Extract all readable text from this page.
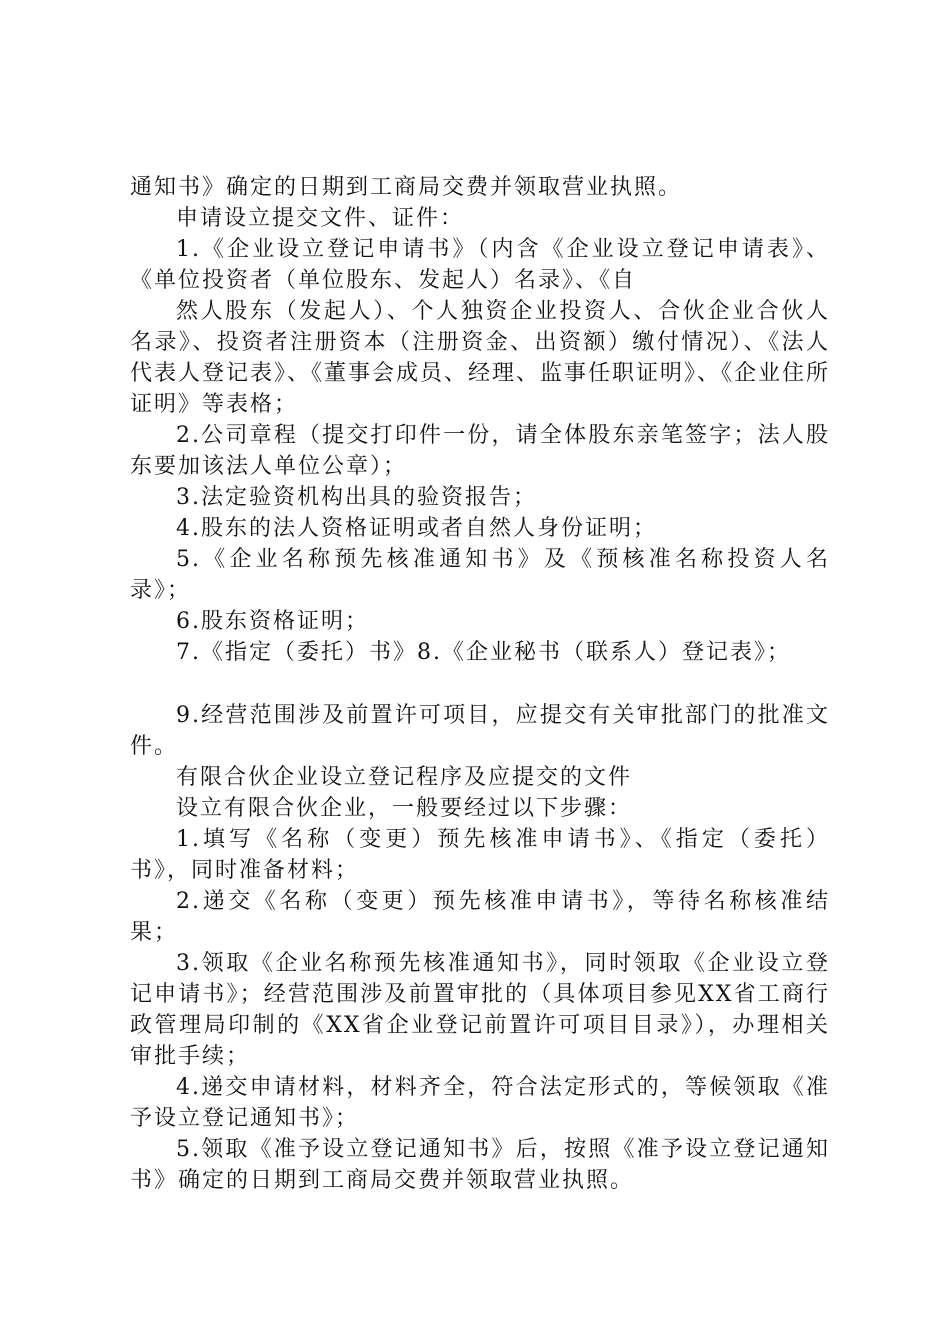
通知书》确定的日期到工商局交费并领取营业执照。

申请设立提交文件、证件：

1.《企业设立登记申请书》（内含《企业设立登记申请表》、《单位投资者（单位股东、发起人）名录》、《自

然人股东（发起人）、个人独资企业投资人、合伙企业合伙人名录》、投资者注册资本（注册资金、出资额）缴付情况）、《法人代表人登记表》、《董事会成员、经理、监事任职证明》、《企业住所证明》等表格；

2.公司章程（提交打印件一份，请全体股东亲笔签字；法人股东要加该法人单位公章）；

3.法定验资机构出具的验资报告；

4.股东的法人资格证明或者自然人身份证明；

5.《企业名称预先核准通知书》及《预核准名称投资人名录》；

6.股东资格证明；

7.《指定（委托）书》8.《企业秘书（联系人）登记表》；

9.经营范围涉及前置许可项目，应提交有关审批部门的批准文件。

有限合伙企业设立登记程序及应提交的文件

设立有限合伙企业，一般要经过以下步骤：

1.填写《名称（变更）预先核准申请书》、《指定（委托）书》，同时准备材料；

2.递交《名称（变更）预先核准申请书》，等待名称核准结果；

3.领取《企业名称预先核准通知书》，同时领取《企业设立登记申请书》；经营范围涉及前置审批的（具体项目参见XX省工商行政管理局印制的《XX省企业登记前置许可项目目录》），办理相关审批手续；

4.递交申请材料，材料齐全，符合法定形式的，等候领取《准予设立登记通知书》；

5.领取《准予设立登记通知书》后，按照《准予设立登记通知书》确定的日期到工商局交费并领取营业执照。
